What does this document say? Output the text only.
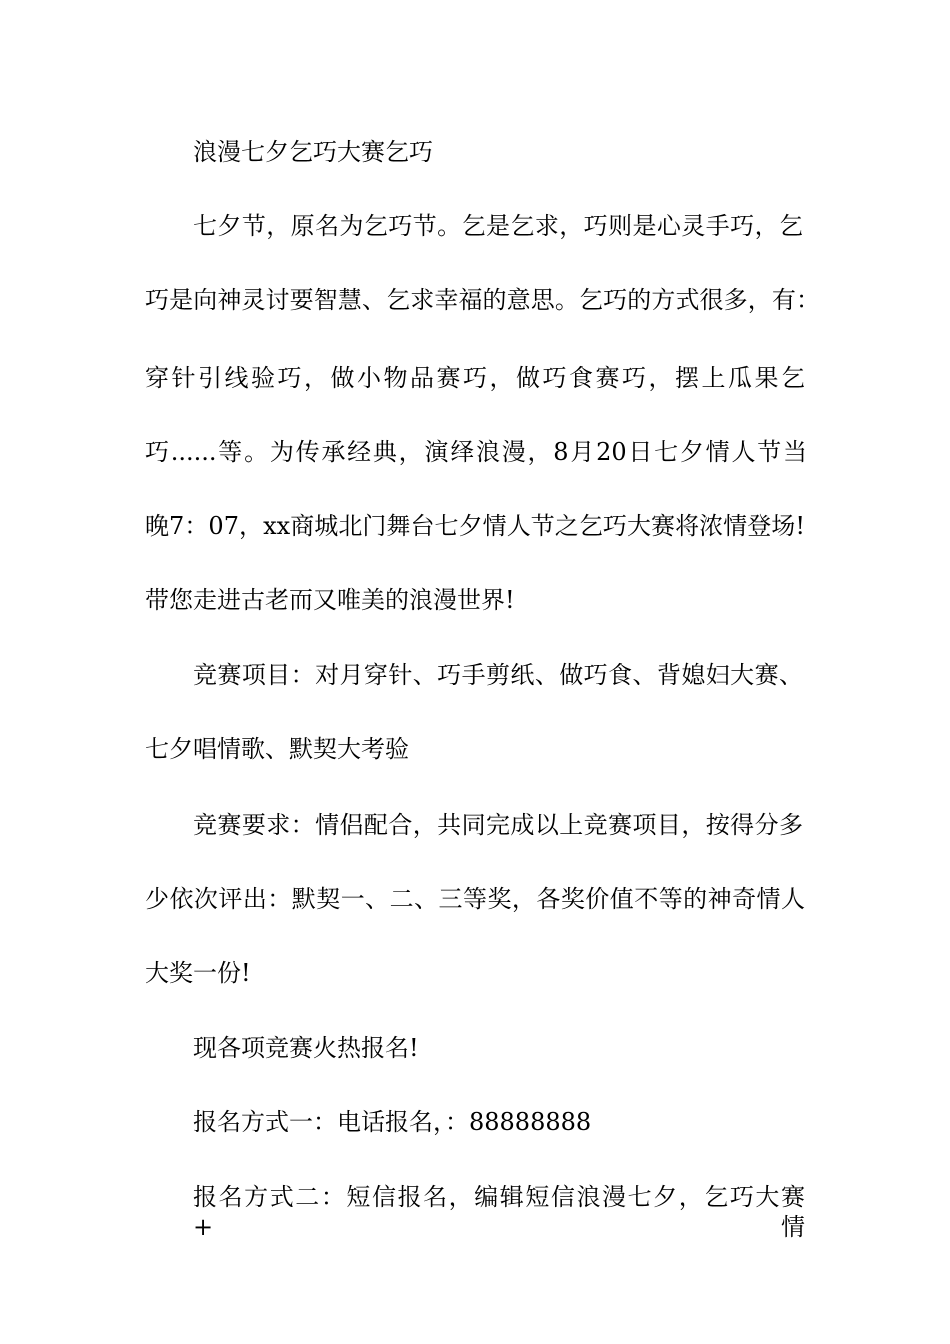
浪漫七夕乞巧大赛乞巧
七夕节，原名为乞巧节。乞是乞求，巧则是心灵手巧，乞
巧是向神灵讨要智慧、乞求幸福的意思。乞巧的方式很多，有：
穿针引线验巧，做小物品赛巧，做巧食赛巧，摆上瓜果乞
巧......等。为传承经典，演绎浪漫，8月20日七夕情人节当
晚7：07，xx商城北门舞台七夕情人节之乞巧大赛将浓情登场!
带您走进古老而又唯美的浪漫世界!
竞赛项目：对月穿针、巧手剪纸、做巧食、背媳妇大赛、
七夕唱情歌、默契大考验
竞赛要求：情侣配合，共同完成以上竞赛项目，按得分多
少依次评出：默契一、二、三等奖，各奖价值不等的神奇情人
大奖一份!
现各项竞赛火热报名!
报名方式一：电话报名，：88888888
报名方式二：短信报名，编辑短信浪漫七夕，乞巧大赛+情
